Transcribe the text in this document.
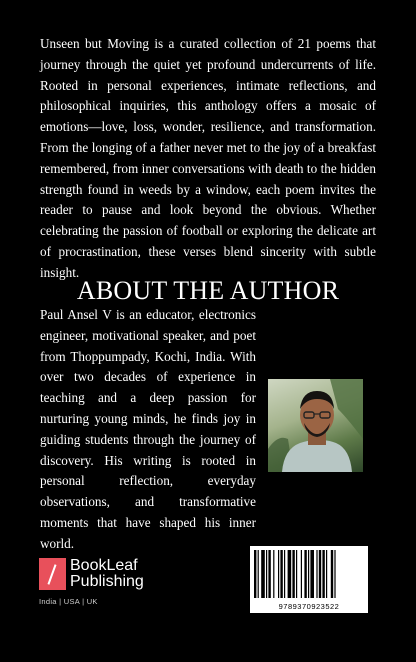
Unseen but Moving is a curated collection of 21 poems that journey through the quiet yet profound undercurrents of life. Rooted in personal experiences, intimate reflections, and philosophical inquiries, this anthology offers a mosaic of emotions—love, loss, wonder, resilience, and transformation. From the longing of a father never met to the joy of a breakfast remembered, from inner conversations with death to the hidden strength found in weeds by a window, each poem invites the reader to pause and look beyond the obvious. Whether celebrating the passion of football or exploring the delicate art of procrastination, these verses blend sincerity with subtle insight.

ABOUT THE AUTHOR

Paul Ansel V is an educator, electronics engineer, motivational speaker, and poet from Thoppumpady, Kochi, India. With over two decades of experience in teaching and a deep passion for nurturing young minds, he finds joy in guiding students through the journey of discovery. His writing is rooted in personal reflection, everyday observations, and transformative moments that have shaped his inner world.

BookLeaf
Publishing
India | USA | UK
9789370923522
